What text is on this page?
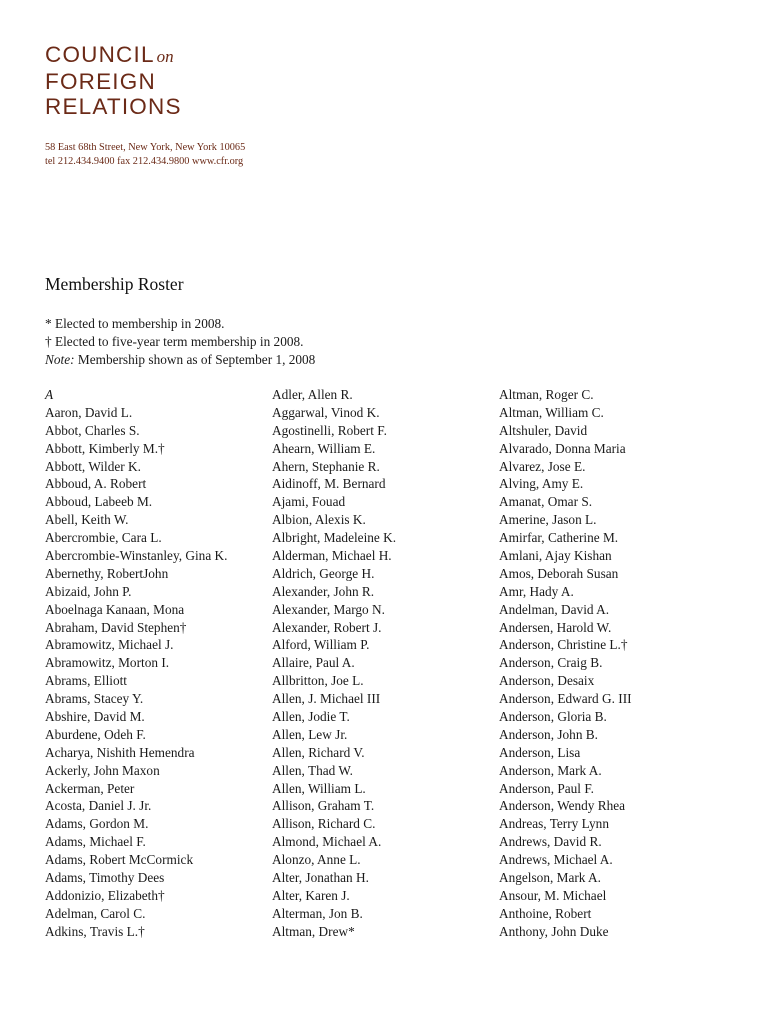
COUNCIL on
FOREIGN
RELATIONS
58 East 68th Street, New York, New York 10065
tel 212.434.9400 fax 212.434.9800 www.cfr.org
Membership Roster
* Elected to membership in 2008.
† Elected to five-year term membership in 2008.
Note: Membership shown as of September 1, 2008
A
Aaron, David L.
Abbot, Charles S.
Abbott, Kimberly M.†
Abbott, Wilder K.
Abboud, A. Robert
Abboud, Labeeb M.
Abell, Keith W.
Abercrombie, Cara L.
Abercrombie-Winstanley, Gina K.
Abernethy, RobertJohn
Abizaid, John P.
Aboelnaga Kanaan, Mona
Abraham, David Stephen†
Abramowitz, Michael J.
Abramowitz, Morton I.
Abrams, Elliott
Abrams, Stacey Y.
Abshire, David M.
Aburdene, Odeh F.
Acharya, Nishith Hemendra
Ackerly, John Maxon
Ackerman, Peter
Acosta, Daniel J. Jr.
Adams, Gordon M.
Adams, Michael F.
Adams, Robert McCormick
Adams, Timothy Dees
Addonizio, Elizabeth†
Adelman, Carol C.
Adkins, Travis L.†
Adler, Allen R.
Aggarwal, Vinod K.
Agostinelli, Robert F.
Ahearn, William E.
Ahern, Stephanie R.
Aidinoff, M. Bernard
Ajami, Fouad
Albion, Alexis K.
Albright, Madeleine K.
Alderman, Michael H.
Aldrich, George H.
Alexander, John R.
Alexander, Margo N.
Alexander, Robert J.
Alford, William P.
Allaire, Paul A.
Allbritton, Joe L.
Allen, J. Michael III
Allen, Jodie T.
Allen, Lew Jr.
Allen, Richard V.
Allen, Thad W.
Allen, William L.
Allison, Graham T.
Allison, Richard C.
Almond, Michael A.
Alonzo, Anne L.
Alter, Jonathan H.
Alter, Karen J.
Alterman, Jon B.
Altman, Drew*
Altman, Roger C.
Altman, William C.
Altshuler, David
Alvarado, Donna Maria
Alvarez, Jose E.
Alving, Amy E.
Amanat, Omar S.
Amerine, Jason L.
Amirfar, Catherine M.
Amlani, Ajay Kishan
Amos, Deborah Susan
Amr, Hady A.
Andelman, David A.
Andersen, Harold W.
Anderson, Christine L.†
Anderson, Craig B.
Anderson, Desaix
Anderson, Edward G. III
Anderson, Gloria B.
Anderson, John B.
Anderson, Lisa
Anderson, Mark A.
Anderson, Paul F.
Anderson, Wendy Rhea
Andreas, Terry Lynn
Andrews, David R.
Andrews, Michael A.
Angelson, Mark A.
Ansour, M. Michael
Anthoine, Robert
Anthony, John Duke
